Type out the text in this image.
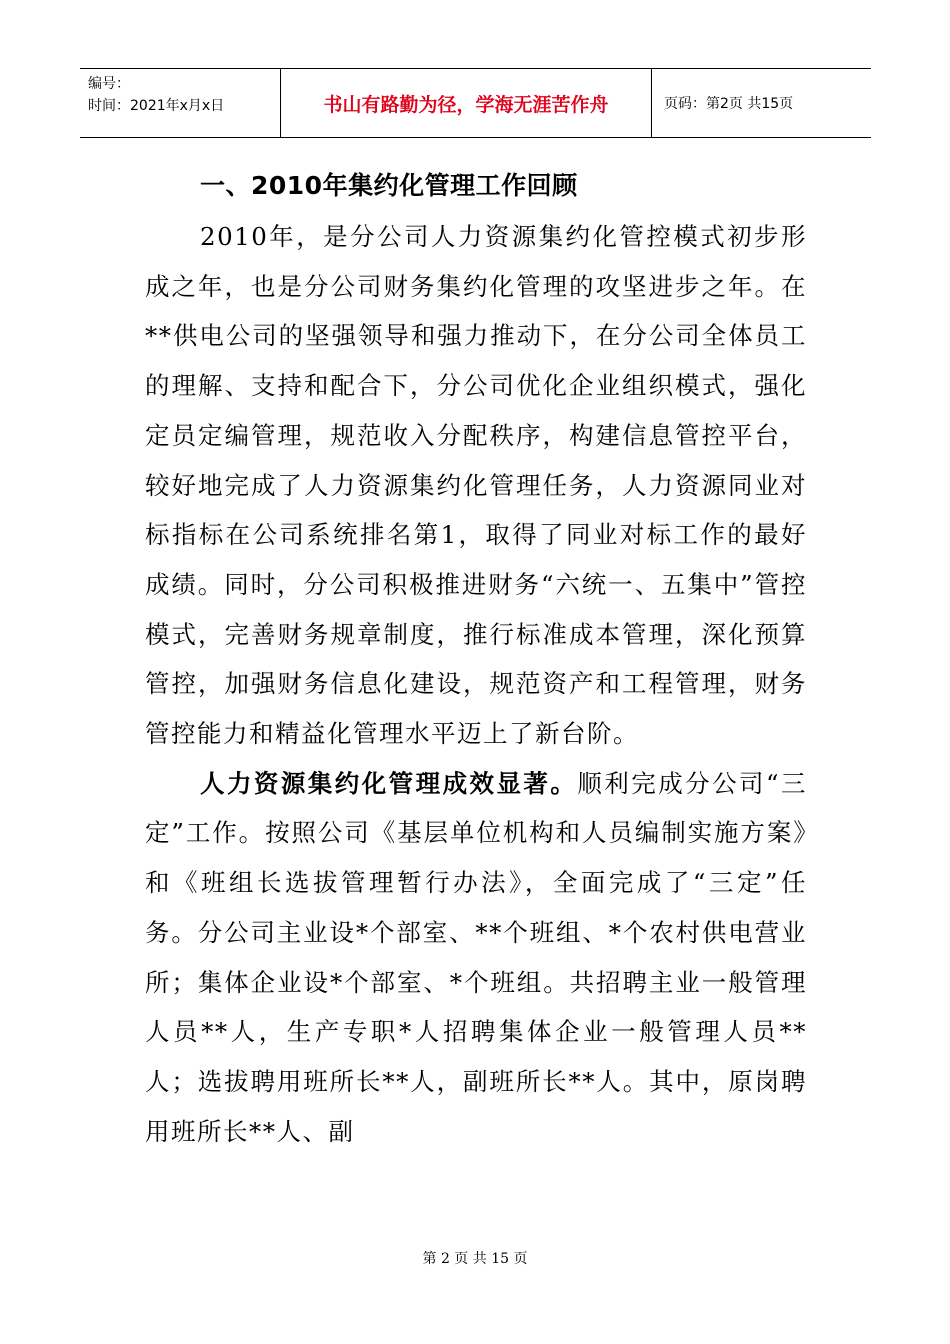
编号：
时间：2021年x月x日	书山有路勤为径，学海无涯苦作舟	页码：第2页 共15页
一、2010年集约化管理工作回顾

2010年，是分公司人力资源集约化管控模式初步形成之年，也是分公司财务集约化管理的攻坚进步之年。在**供电公司的坚强领导和强力推动下，在分公司全体员工的理解、支持和配合下，分公司优化企业组织模式，强化定员定编管理，规范收入分配秩序，构建信息管控平台，较好地完成了人力资源集约化管理任务，人力资源同业对标指标在公司系统排名第1，取得了同业对标工作的最好成绩。同时，分公司积极推进财务“六统一、五集中”管控模式，完善财务规章制度，推行标准成本管理，深化预算管控，加强财务信息化建设，规范资产和工程管理，财务管控能力和精益化管理水平迈上了新台阶。

人力资源集约化管理成效显著。顺利完成分公司“三定”工作。按照公司《基层单位机构和人员编制实施方案》和《班组长选拔管理暂行办法》，全面完成了“三定”任务。分公司主业设*个部室、**个班组、*个农村供电营业所；集体企业设*个部室、*个班组。共招聘主业一般管理人员**人，生产专职*人招聘集体企业一般管理人员**人；选拔聘用班所长**人，副班所长**人。其中，原岗聘用班所长**人、副

第 2 页 共 15 页
